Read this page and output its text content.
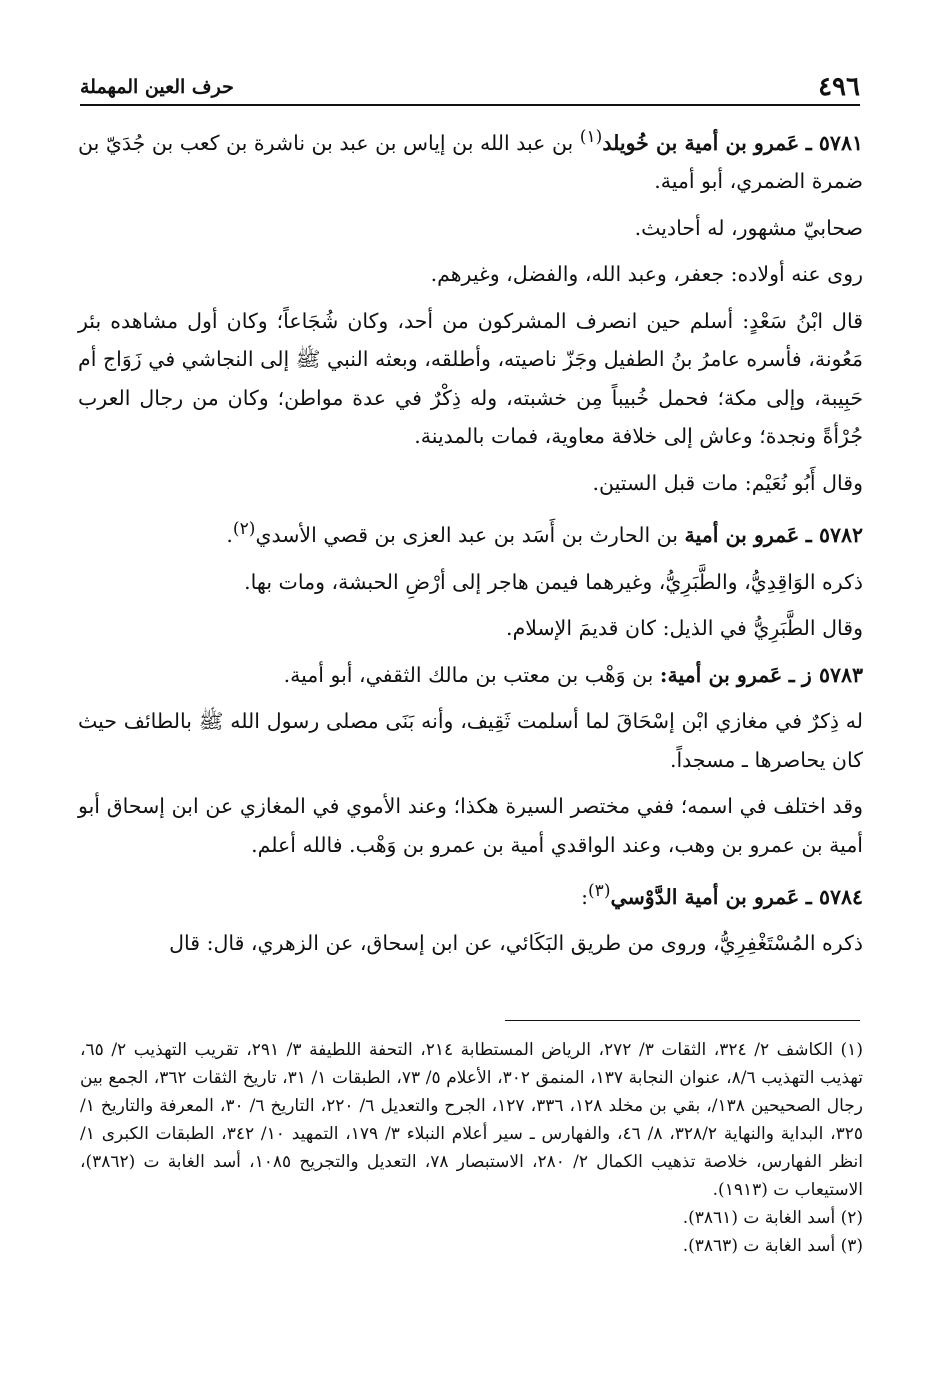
٤٩٦
حرف العين المهملة

٥٧٨١ ـ عَمرو بن أمية بن خُويلد$^{(١)}$ بن عبد الله بن إياس بن عبد بن ناشرة بن كعب بن جُدَيّ بن ضمرة الضمري، أبو أمية.

صحابيّ مشهور، له أحاديث.

روى عنه أولاده: جعفر، وعبد الله، والفضل، وغيرهم.

قال ابْنُ سَعْدٍ: أسلم حين انصرف المشركون من أحد، وكان شُجَاعاً؛ وكان أول مشاهده بئر مَعُونة، فأسره عامرُ بنُ الطفيل وجَزّ ناصيته، وأطلقه، وبعثه النبي ﷺ إلى النجاشي في زَوَاج أم حَبِيبة، وإلى مكة؛ فحمل خُبيباً مِن خشبته، وله ذِكْرٌ في عدة مواطن؛ وكان من رجال العرب جُرْأةً ونجدة؛ وعاش إلى خلافة معاوية، فمات بالمدينة.

وقال أَبُو نُعَيْم: مات قبل الستين.

٥٧٨٢ ـ عَمرو بن أمية بن الحارث بن أَسَد بن عبد العزى بن قصي الأسدي$^{(٢)}$.

ذكره الوَاقِدِيُّ، والطَّبَرِيُّ، وغيرهما فيمن هاجر إلى أرْضِ الحبشة، ومات بها.

وقال الطَّبَرِيُّ في الذيل: كان قديمَ الإسلام.

٥٧٨٣ ز ـ عَمرو بن أمية: بن وَهْب بن معتب بن مالك الثقفي، أبو أمية.

له ذِكرٌ في مغازي ابْن إسْحَاقَ لما أسلمت ثَقِيف، وأنه بَنَى مصلى رسول الله ﷺ بالطائف حيث كان يحاصرها ـ مسجداً.

وقد اختلف في اسمه؛ ففي مختصر السيرة هكذا؛ وعند الأموي في المغازي عن ابن إسحاق أبو أمية بن عمرو بن وهب، وعند الواقدي أمية بن عمرو بن وَهْب. فالله أعلم.

٥٧٨٤ ـ عَمرو بن أمية الدَّوْسي$^{(٣)}$:

ذكره المُسْتَغْفِرِيُّ، وروى من طريق البَكَائي، عن ابن إسحاق، عن الزهري، قال: قال

(١) الكاشف ٢/ ٣٢٤، الثقات ٣/ ٢٧٢، الرياض المستطابة ٢١٤، التحفة اللطيفة ٣/ ٢٩١، تقريب التهذيب ٢/ ٦٥، تهذيب التهذيب ٨/٦، عنوان النجابة ١٣٧، المنمق ٣٠٢، الأعلام ٥/ ٧٣، الطبقات ١/ ٣١، تاريخ الثقات ٣٦٢، الجمع بين رجال الصحيحين ١٣٨/، بقي بن مخلد ١٢٨، ٣٣٦، ١٢٧، الجرح والتعديل ٦/ ٢٢٠، التاريخ ٦/ ٣٠، المعرفة والتاريخ ١/ ٣٢٥، البداية والنهاية ٣٢٨/٢، ٨/ ٤٦، والفهارس ـ سير أعلام النبلاء ٣/ ١٧٩، التمهيد ١٠/ ٣٤٢، الطبقات الكبرى ١/ انظر الفهارس، خلاصة تذهيب الكمال ٢/ ٢٨٠، الاستبصار ٧٨، التعديل والتجريح ١٠٨٥، أسد الغابة ت (٣٨٦٢)، الاستيعاب ت (١٩١٣).

(٢) أسد الغابة ت (٣٨٦١).

(٣) أسد الغابة ت (٣٨٦٣).
